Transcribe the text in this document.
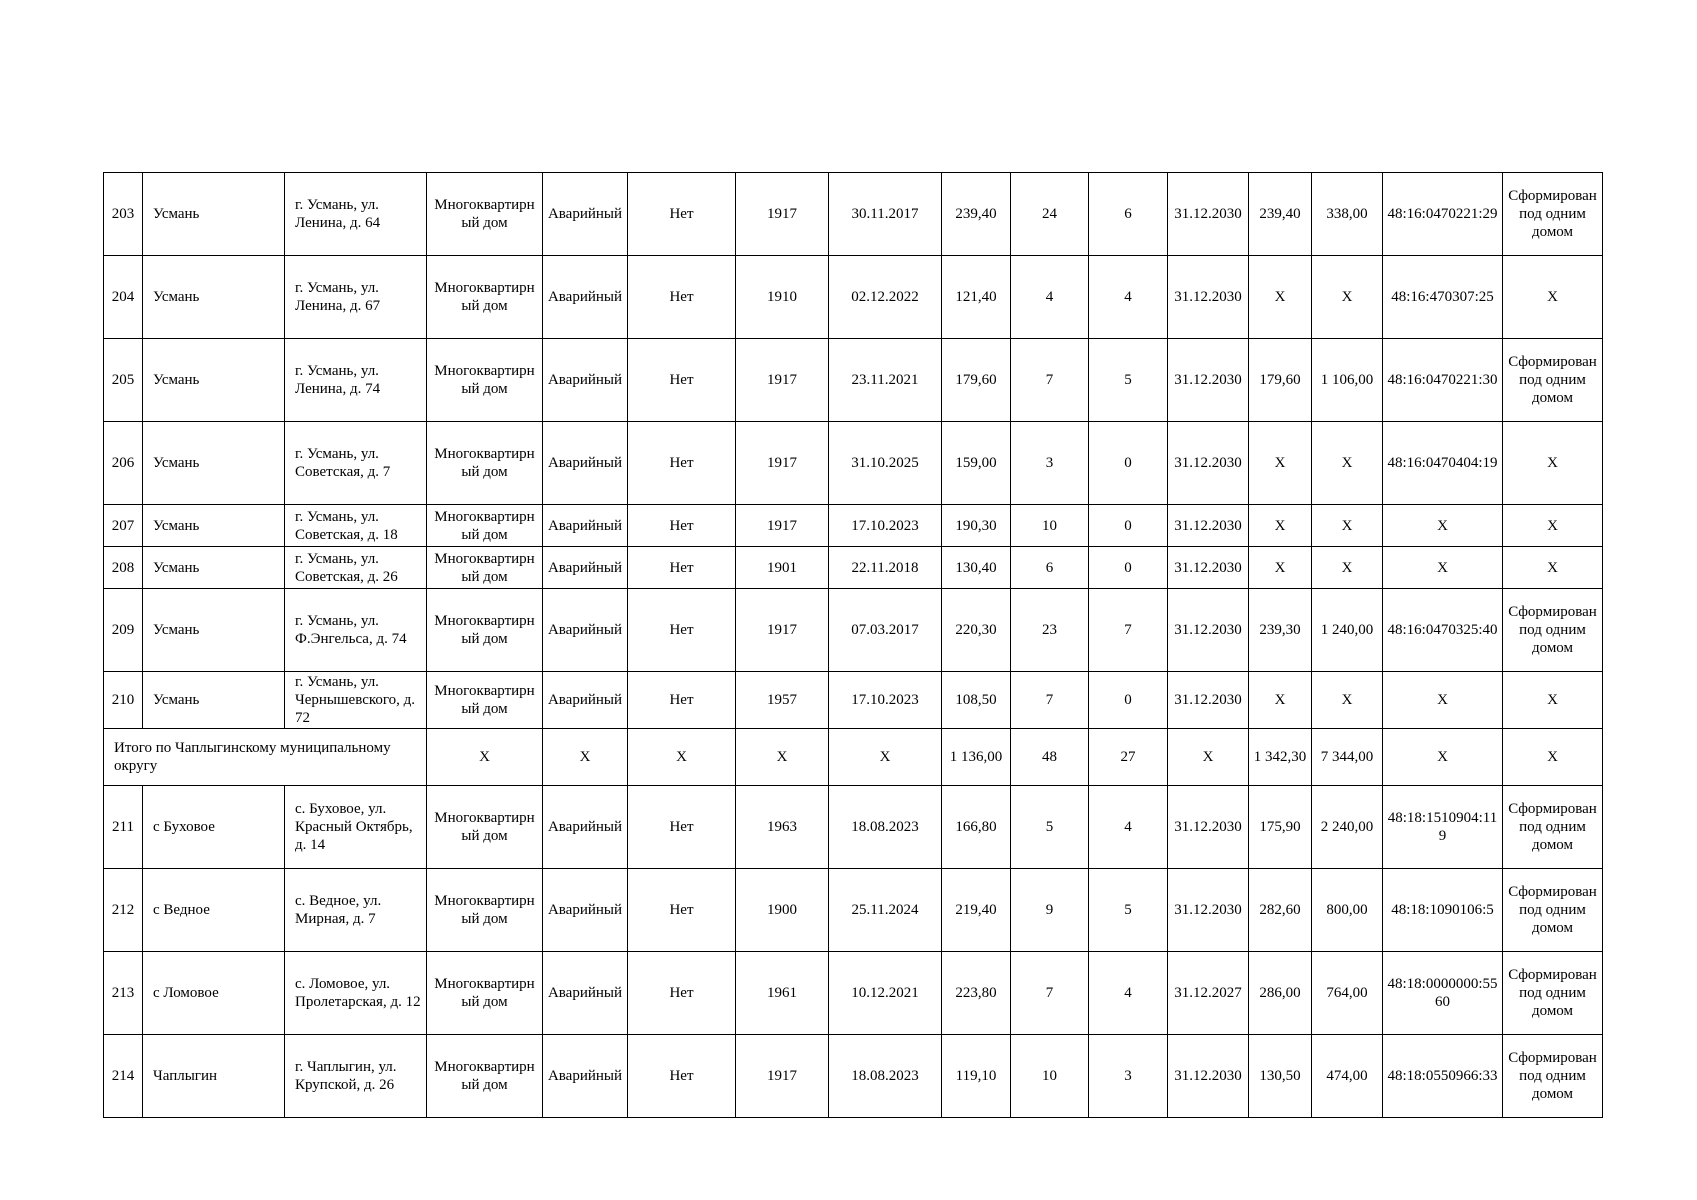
203	Усмань	г. Усмань, ул. Ленина, д. 64	Многоквартирный дом	Аварийный	Нет	1917	30.11.2017	239,40	24	6	31.12.2030	239,40	338,00	48:16:0470221:29	Сформирован под одним домом
204	Усмань	г. Усмань, ул. Ленина, д. 67	Многоквартирный дом	Аварийный	Нет	1910	02.12.2022	121,40	4	4	31.12.2030	X	X	48:16:470307:25	X
205	Усмань	г. Усмань, ул. Ленина, д. 74	Многоквартирный дом	Аварийный	Нет	1917	23.11.2021	179,60	7	5	31.12.2030	179,60	1 106,00	48:16:0470221:30	Сформирован под одним домом
206	Усмань	г. Усмань, ул. Советская, д. 7	Многоквартирный дом	Аварийный	Нет	1917	31.10.2025	159,00	3	0	31.12.2030	X	X	48:16:0470404:19	X
207	Усмань	г. Усмань, ул. Советская, д. 18	Многоквартирный дом	Аварийный	Нет	1917	17.10.2023	190,30	10	0	31.12.2030	X	X	X	X
208	Усмань	г. Усмань, ул. Советская, д. 26	Многоквартирный дом	Аварийный	Нет	1901	22.11.2018	130,40	6	0	31.12.2030	X	X	X	X
209	Усмань	г. Усмань, ул. Ф.Энгельса, д. 74	Многоквартирный дом	Аварийный	Нет	1917	07.03.2017	220,30	23	7	31.12.2030	239,30	1 240,00	48:16:0470325:40	Сформирован под одним домом
210	Усмань	г. Усмань, ул. Чернышевского, д. 72	Многоквартирный дом	Аварийный	Нет	1957	17.10.2023	108,50	7	0	31.12.2030	X	X	X	X
Итого по Чаплыгинскому муниципальному округу			X	X	X	X	X	1 136,00	48	27	X	1 342,30	7 344,00	X	X
211	с Буховое	с. Буховое, ул. Красный Октябрь, д. 14	Многоквартирный дом	Аварийный	Нет	1963	18.08.2023	166,80	5	4	31.12.2030	175,90	2 240,00	48:18:1510904:119	Сформирован под одним домом
212	с Ведное	с. Ведное, ул. Мирная, д. 7	Многоквартирный дом	Аварийный	Нет	1900	25.11.2024	219,40	9	5	31.12.2030	282,60	800,00	48:18:1090106:5	Сформирован под одним домом
213	с Ломовое	с. Ломовое, ул. Пролетарская, д. 12	Многоквартирный дом	Аварийный	Нет	1961	10.12.2021	223,80	7	4	31.12.2027	286,00	764,00	48:18:0000000:5560	Сформирован под одним домом
214	Чаплыгин	г. Чаплыгин, ул. Крупской, д. 26	Многоквартирный дом	Аварийный	Нет	1917	18.08.2023	119,10	10	3	31.12.2030	130,50	474,00	48:18:0550966:33	Сформирован под одним домом
